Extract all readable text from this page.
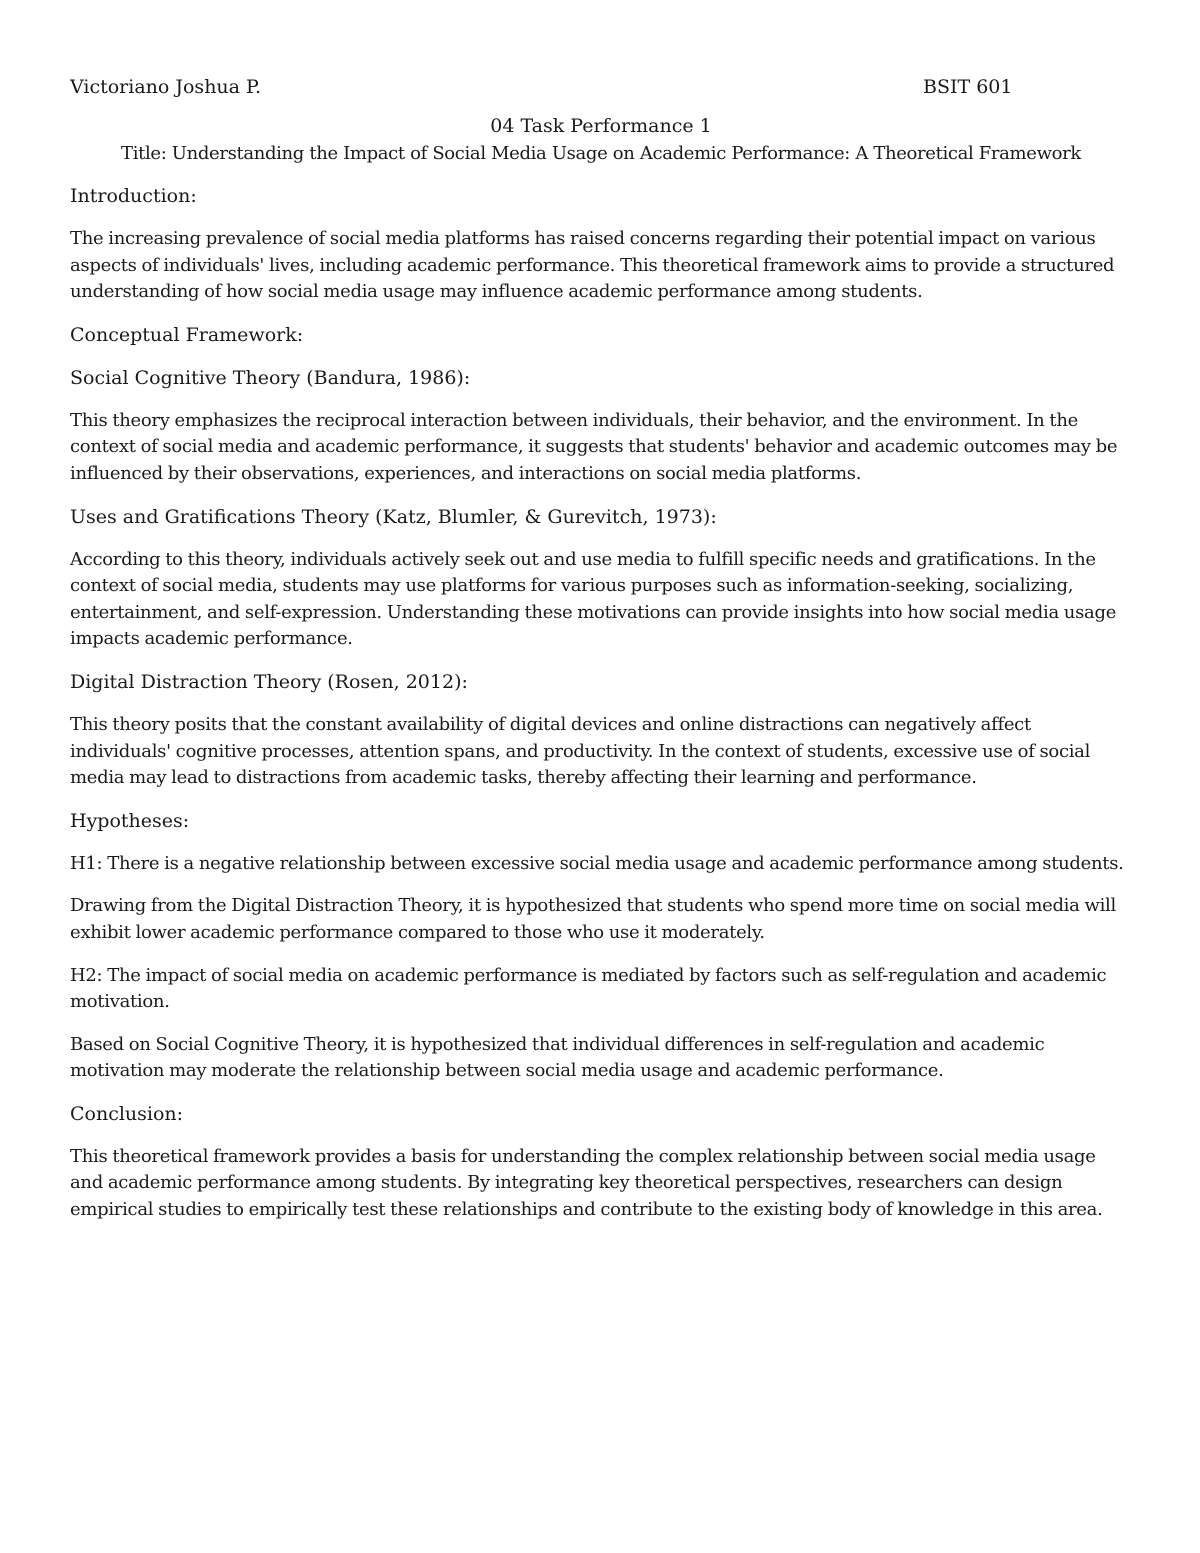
Victoriano Joshua P.	BSIT 601
04 Task Performance 1
Title: Understanding the Impact of Social Media Usage on Academic Performance: A Theoretical Framework

Introduction:

The increasing prevalence of social media platforms has raised concerns regarding their potential impact on various aspects of individuals' lives, including academic performance. This theoretical framework aims to provide a structured understanding of how social media usage may influence academic performance among students.

Conceptual Framework:

Social Cognitive Theory (Bandura, 1986):

This theory emphasizes the reciprocal interaction between individuals, their behavior, and the environment. In the context of social media and academic performance, it suggests that students' behavior and academic outcomes may be influenced by their observations, experiences, and interactions on social media platforms.

Uses and Gratifications Theory (Katz, Blumler, & Gurevitch, 1973):

According to this theory, individuals actively seek out and use media to fulfill specific needs and gratifications. In the context of social media, students may use platforms for various purposes such as information-seeking, socializing, entertainment, and self-expression. Understanding these motivations can provide insights into how social media usage impacts academic performance.

Digital Distraction Theory (Rosen, 2012):

This theory posits that the constant availability of digital devices and online distractions can negatively affect individuals' cognitive processes, attention spans, and productivity. In the context of students, excessive use of social media may lead to distractions from academic tasks, thereby affecting their learning and performance.

Hypotheses:

H1: There is a negative relationship between excessive social media usage and academic performance among students.

Drawing from the Digital Distraction Theory, it is hypothesized that students who spend more time on social media will exhibit lower academic performance compared to those who use it moderately.

H2: The impact of social media on academic performance is mediated by factors such as self-regulation and academic motivation.

Based on Social Cognitive Theory, it is hypothesized that individual differences in self-regulation and academic motivation may moderate the relationship between social media usage and academic performance.

Conclusion:

This theoretical framework provides a basis for understanding the complex relationship between social media usage and academic performance among students. By integrating key theoretical perspectives, researchers can design empirical studies to empirically test these relationships and contribute to the existing body of knowledge in this area.
